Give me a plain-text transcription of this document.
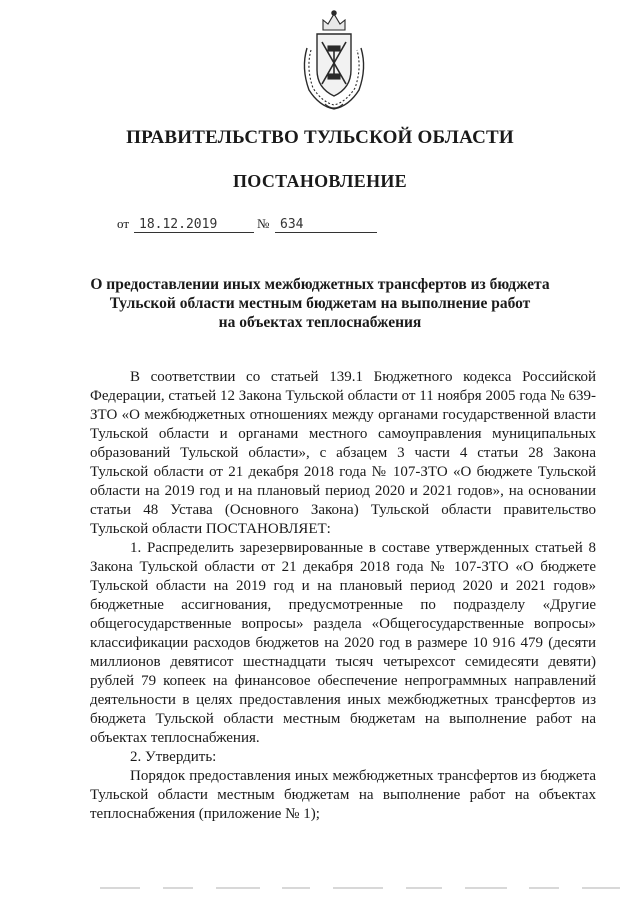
ПРАВИТЕЛЬСТВО ТУЛЬСКОЙ ОБЛАСТИ
ПОСТАНОВЛЕНИЕ
от 18.12.2019	№ 634
О предоставлении иных межбюджетных трансфертов из бюджета
Тульской области местным бюджетам на выполнение работ
на объектах теплоснабжения

В соответствии со статьей 139.1 Бюджетного кодекса Российской Федерации, статьей 12 Закона Тульской области от 11 ноября 2005 года № 639-ЗТО «О межбюджетных отношениях между органами государственной власти Тульской области и органами местного самоуправления муниципальных образований Тульской области», с абзацем 3 части 4 статьи 28 Закона Тульской области от 21 декабря 2018 года № 107-ЗТО «О бюджете Тульской области на 2019 год и на плановый период 2020 и 2021 годов», на основании статьи 48 Устава (Основного Закона) Тульской области правительство Тульской области ПОСТАНОВЛЯЕТ:

1. Распределить зарезервированные в составе утвержденных статьей 8 Закона Тульской области от 21 декабря 2018 года № 107-ЗТО «О бюджете Тульской области на 2019 год и на плановый период 2020 и 2021 годов» бюджетные ассигнования, предусмотренные по подразделу «Другие общегосударственные вопросы» раздела «Общегосударственные вопросы» классификации расходов бюджетов на 2020 год в размере 10 916 479 (десяти миллионов девятисот шестнадцати тысяч четырехсот семидесяти девяти) рублей 79 копеек на финансовое обеспечение непрограммных направлений деятельности в целях предоставления иных межбюджетных трансфертов из бюджета Тульской области местным бюджетам на выполнение работ на объектах теплоснабжения.

2. Утвердить:

Порядок предоставления иных межбюджетных трансфертов из бюджета Тульской области местным бюджетам на выполнение работ на объектах теплоснабжения (приложение № 1);
